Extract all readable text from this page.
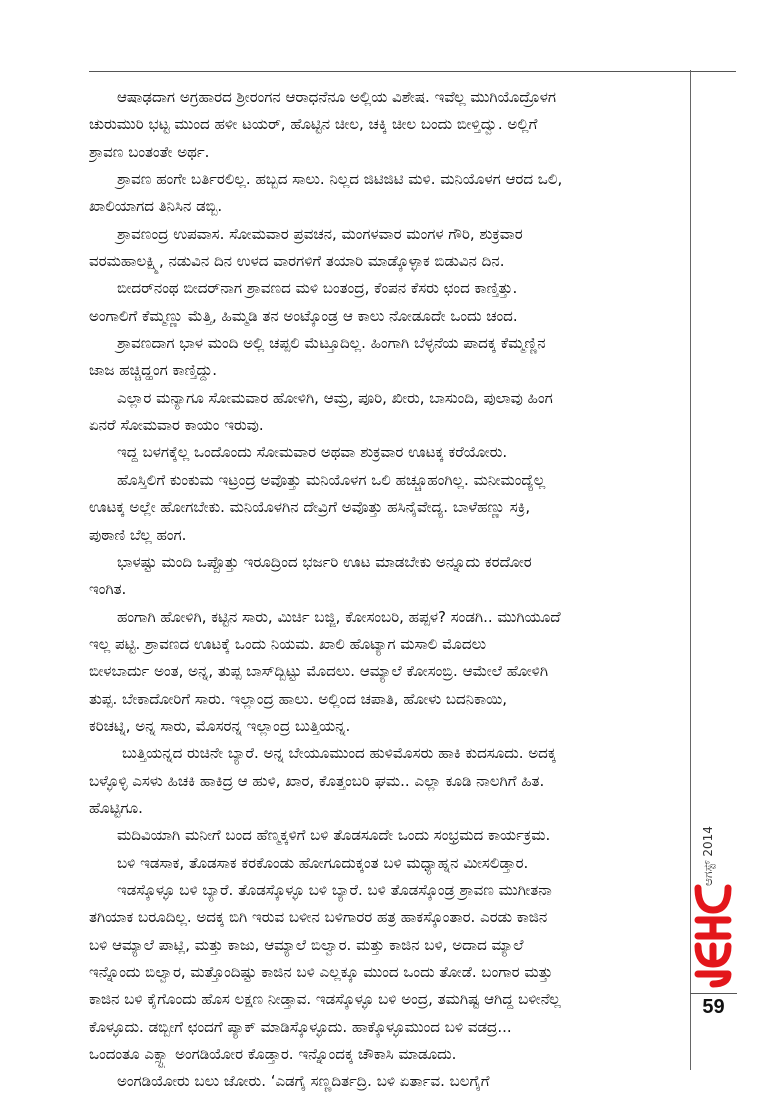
ಆಷಾಢದಾಗ ಅಗ್ರಹಾರದ ಶ್ರೀರಂಗನ ಆರಾಧನೆನೂ ಅಲ್ಲಿಯ ವಿಶೇಷ. ಇವೆಲ್ಲ ಮುಗಿಯೊದ್ರೊಳಗ

ಚುರುಮುರಿ ಭಟ್ಟ ಮುಂದ ಹಳೀ ಟಯರ್, ಹೊಟ್ಟಿನ ಚೀಲ, ಚಕ್ಕಿ ಚೀಲ ಬಂದು ಬೀಳ್ತಿದ್ವು. ಅಲ್ಲಿಗೆ

ಶ್ರಾವಣ ಬಂತಂತೇ ಅರ್ಥ.

ಶ್ರಾವಣ ಹಂಗೇ ಬರ್ತಿರಲಿಲ್ಲ. ಹಬ್ಬದ ಸಾಲು. ನಿಲ್ಲದ ಜಿಟಿಜಿಟಿ ಮಳಿ. ಮನಿಯೊಳಗ ಆರದ ಒಲಿ,

ಖಾಲಿಯಾಗದ ತಿನಿಸಿನ ಡಬ್ಬಿ.

ಶ್ರಾವಣಂದ್ರ ಉಪವಾಸ. ಸೋಮವಾರ ಪ್ರವಚನ, ಮಂಗಳವಾರ ಮಂಗಳ ಗೌರಿ, ಶುಕ್ರವಾರ

ವರಮಹಾಲಕ್ಷ್ಮಿ, ನಡುವಿನ ದಿನ ಉಳದ ವಾರಗಳಿಗೆ ತಯಾರಿ ಮಾಡ್ಕೊಳ್ಳಾಕ ಬಿಡುವಿನ ದಿನ.

ಬೀದರ್‌ನಂಥ ಬೀದರ್‌ನಾಗ ಶ್ರಾವಣದ ಮಳಿ ಬಂತಂದ್ರ, ಕೆಂಪನ ಕೆಸರು ಛಂದ ಕಾಣ್ತಿತ್ತು.

ಅಂಗಾಲಿಗೆ ಕೆಮ್ಮಣ್ಣು ಮೆತ್ತಿ, ಹಿಮ್ಮಡಿ ತನ ಅಂಟ್ಕೊಂಡ್ರ ಆ ಕಾಲು ನೋಡೂದೇ ಒಂದು ಚಂದ.

ಶ್ರಾವಣದಾಗ ಭಾಳ ಮಂದಿ ಅಲ್ಲಿ ಚಪ್ಪಲಿ ಮೆಟ್ತೂದಿಲ್ಲ. ಹಿಂಗಾಗಿ ಬೆಳ್ಳನೆಯ ಪಾದಕ್ಕ ಕೆಮ್ಮಣ್ಣಿನ

ಜಾಜ ಹಚ್ಚಿದ್ಹಂಗ ಕಾಣ್ತಿದ್ದು.

ಎಲ್ಲಾರ ಮನ್ಯಾಗೂ ಸೋಮವಾರ ಹೋಳಿಗಿ, ಆಮ್ರ, ಪೂರಿ, ಖೀರು, ಬಾಸುಂದಿ, ಪುಲಾವು ಹಿಂಗ

ಏನರೆ ಸೋಮವಾರ ಕಾಯಂ ಇರುವು.

ಇದ್ದ ಬಳಗಕ್ಕೆಲ್ಲ ಒಂದೊಂದು ಸೋಮವಾರ ಅಥವಾ ಶುಕ್ರವಾರ ಊಟಕ್ಕ ಕರೆಯೋರು.

ಹೊಸ್ತಿಲಿಗೆ ಕುಂಕುಮ ಇಟ್ರಂದ್ರ ಅವೊತ್ತು ಮನಿಯೊಳಗ ಒಲಿ ಹಚ್ಚೂಹಂಗಿಲ್ಲ. ಮನೀಮಂದ್ಯೆಲ್ಲ

ಊಟಕ್ಕ ಅಲ್ಲೇ ಹೋಗಬೇಕು. ಮನಿಯೊಳಗಿನ ದೇವ್ರಿಗೆ ಅವೊತ್ತು ಹಸಿನೈವೇದ್ಯ. ಬಾಳೆಹಣ್ಣು ಸಕ್ರಿ,

ಪುಠಾಣಿ ಬೆಲ್ಲ ಹಂಗ.

ಭಾಳಷ್ಟು ಮಂದಿ ಒಪ್ಪೊತ್ತು ಇರೂದ್ರಿಂದ ಭರ್ಜರಿ ಊಟ ಮಾಡಬೇಕು ಅನ್ನೂದು ಕರದೋರ

ಇಂಗಿತ.

ಹಂಗಾಗಿ ಹೋಳಿಗಿ, ಕಟ್ಟಿನ ಸಾರು, ಮಿರ್ಚಿ ಬಜ್ಜಿ, ಕೋಸಂಬರಿ, ಹಪ್ಪಳ? ಸಂಡಗಿ.. ಮುಗಿಯೂದೆ

ಇಲ್ಲ ಪಟ್ಟಿ. ಶ್ರಾವಣದ ಊಟಕ್ಕೆ ಒಂದು ನಿಯಮ. ಖಾಲಿ ಹೊಟ್ಯಾಗ ಮಸಾಲಿ ಮೊದಲು

ಬೀಳಬಾರ್ದು ಅಂತ, ಅನ್ನ, ತುಪ್ಪ ಬಾಸ್‌ದ್ಬಿಟ್ಟು ಮೊದಲು. ಆಮ್ಯಾಲೆ ಕೋಸಂಬ್ರಿ. ಆಮೇಲೆ ಹೋಳಿಗಿ

ತುಪ್ಪ. ಬೇಕಾದೋರಿಗೆ ಸಾರು. ಇಲ್ಲಾಂದ್ರ ಹಾಲು. ಅಲ್ಲಿಂದ ಚಪಾತಿ, ಹೋಳು ಬದನಿಕಾಯಿ,

ಕರಿಚಟ್ನಿ, ಅನ್ನ ಸಾರು, ಮೊಸರನ್ನ ಇಲ್ಲಾಂದ್ರ ಬುತ್ತಿಯನ್ನ.

ಬುತ್ತಿಯನ್ನದ ರುಚಿನೇ ಬ್ಯಾರೆ. ಅನ್ನ ಬೇಯೂಮುಂದ ಹುಳಿಮೊಸರು ಹಾಕಿ ಕುದಸೂದು. ಅದಕ್ಕ

ಬಳ್ಳೊಳ್ಳಿ ಎಸಳು ಹಿಚಕಿ ಹಾಕಿದ್ರ ಆ ಹುಳಿ, ಖಾರ, ಕೊತ್ತಂಬರಿ ಘಮ.. ಎಲ್ಲಾ ಕೂಡಿ ನಾಲಗಿಗೆ ಹಿತ.

ಹೊಟ್ಟಿಗೂ.

ಮದಿವಿಯಾಗಿ ಮನೀಗೆ ಬಂದ ಹೆಣ್ಮಕ್ಕಳಿಗೆ ಬಳಿ ತೊಡಸೂದೇ ಒಂದು ಸಂಭ್ರಮದ ಕಾರ್ಯಕ್ರಮ.

ಬಳಿ ಇಡಸಾಕ, ತೊಡಸಾಕ ಕರಕೊಂಡು ಹೋಗೂದುಕ್ಕಂತ ಬಳಿ ಮಧ್ಯಾಹ್ನನ ಮೀಸಲಿಡ್ತಾರ.

ಇಡಸ್ಕೊಳ್ಳೂ ಬಳಿ ಬ್ಯಾರೆ. ತೊಡಸ್ಕೊಳ್ಳೂ ಬಳಿ ಬ್ಯಾರೆ. ಬಳಿ ತೊಡಸ್ಕೊಂಡ್ರ ಶ್ರಾವಣ ಮುಗೀತನಾ

ತಗಿಯಾಕ ಬರೂದಿಲ್ಲ. ಅದಕ್ಕ ಬಿಗಿ ಇರುವ ಬಳೀನ ಬಳಿಗಾರರ ಹತ್ರ ಹಾಕಸ್ಕೊಂತಾರ. ಎರಡು ಕಾಜಿನ

ಬಳಿ ಆಮ್ಯಾಲೆ ಪಾಟ್ಲಿ, ಮತ್ತು ಕಾಜು, ಆಮ್ಯಾಲೆ ಬಿಲ್ವಾರ. ಮತ್ತು ಕಾಜಿನ ಬಳಿ, ಅದಾದ ಮ್ಯಾಲೆ

ಇನ್ನೊಂದು ಬಿಲ್ವಾರ, ಮತ್ತೊಂದಿಷ್ಟು ಕಾಜಿನ ಬಳಿ ಎಲ್ಲಕ್ಕೂ ಮುಂದ ಒಂದು ತೋಡೆ. ಬಂಗಾರ ಮತ್ತು

ಕಾಜಿನ ಬಳಿ ಕೈಗೊಂದು ಹೊಸ ಲಕ್ಷಣ ನೀಡ್ತಾವ. ಇಡಸ್ಕೊಳ್ಳೂ ಬಳಿ ಅಂದ್ರ, ತಮಗಿಷ್ಟ ಆಗಿದ್ದ ಬಳೀನೆಲ್ಲ

ಕೊಳ್ಳೂದು. ಡಬ್ಬೀಗೆ ಛಂದಗೆ ಪ್ಯಾಕ್ ಮಾಡಿಸ್ಕೊಳ್ಳೂದು. ಹಾಕ್ಕೊಳ್ಳೂಮುಂದ ಬಳಿ ವಡದ್ರ...

ಒಂದಂತೂ ಎಕ್ಸ್ಟ್ರಾ ಅಂಗಡಿಯೋರ ಕೊಡ್ತಾರ. ಇನ್ನೊಂದಕ್ಕ ಚೌಕಾಸಿ ಮಾಡೂದು.

ಅಂಗಡಿಯೋರು ಬಲು ಜೋರು. ‘ಎಡಗೈ ಸಣ್ಣದಿರ್ತದ್ರಿ. ಬಳಿ ಏರ್ತಾವ. ಬಲಗೈಗೆ

ಆಗಸ್ಟ್ 2014
59
